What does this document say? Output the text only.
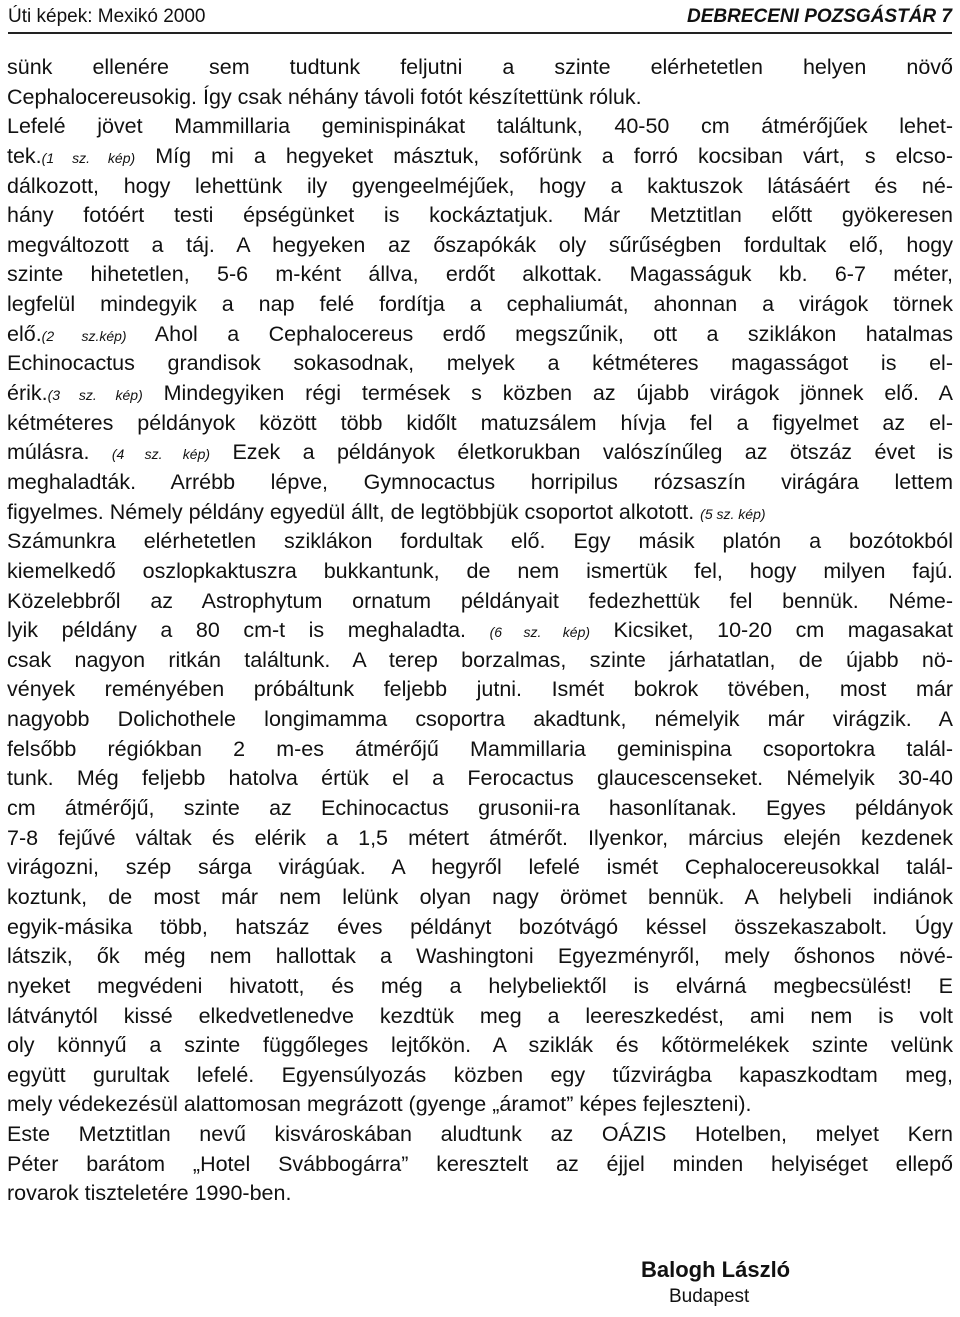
Úti képek: Mexikó 2000	DEBRECENI POZSGÁSTÁR 7
sünk ellenére sem tudtunk feljutni a szinte elérhetetlen helyen növő
Cephalocereusokig. Így csak néhány távoli fotót készítettünk róluk.
Lefelé jövet Mammillaria geminispinákat találtunk, 40-50 cm átmérőjűek lehet-
tek.(1 sz. kép) Míg mi a hegyeket másztuk, sofőrünk a forró kocsiban várt, s elcso-
dálkozott, hogy lehettünk ily gyengeelméjűek, hogy a kaktuszok látásáért és né-
hány fotóért testi épségünket is kockáztatjuk. Már Metztitlan előtt gyökeresen
megváltozott a táj. A hegyeken az őszapókák oly sűrűségben fordultak elő, hogy
szinte hihetetlen, 5-6 m-ként állva, erdőt alkottak. Magasságuk kb. 6-7 méter,
legfelül mindegyik a nap felé fordítja a cephaliumát, ahonnan a virágok törnek
elő.(2 sz.kép) Ahol a Cephalocereus erdő megszűnik, ott a sziklákon hatalmas
Echinocactus grandisok sokasodnak, melyek a kétméteres magasságot is el-
érik.(3 sz. kép) Mindegyiken régi termések s közben az újabb virágok jönnek elő. A
kétméteres példányok között több kidőlt matuzsálem hívja fel a figyelmet az el-
múlásra. (4 sz. kép) Ezek a példányok életkorukban valószínűleg az ötszáz évet is
meghaladták. Arrébb lépve, Gymnocactus horripilus rózsaszín virágára lettem
figyelmes. Némely példány egyedül állt, de legtöbbjük csoportot alkotott. (5 sz. kép)
Számunkra elérhetetlen sziklákon fordultak elő. Egy másik platón a bozótokból
kiemelkedő oszlopkaktuszra bukkantunk, de nem ismertük fel, hogy milyen fajú.
Közelebbről az Astrophytum ornatum példányait fedezhettük fel bennük. Néme-
lyik példány a 80 cm-t is meghaladta. (6 sz. kép) Kicsiket, 10-20 cm magasakat
csak nagyon ritkán találtunk. A terep borzalmas, szinte járhatatlan, de újabb nö-
vények reményében próbáltunk feljebb jutni. Ismét bokrok tövében, most már
nagyobb Dolichothele longimamma csoportra akadtunk, némelyik már virágzik. A
felsőbb régiókban 2 m-es átmérőjű Mammillaria geminispina csoportokra talál-
tunk. Még feljebb hatolva értük el a Ferocactus glaucescenseket. Némelyik 30-40
cm átmérőjű, szinte az Echinocactus grusonii-ra hasonlítanak. Egyes példányok
7-8 fejűvé váltak és elérik a 1,5 métert átmérőt. Ilyenkor, március elején kezdenek
virágozni, szép sárga virágúak. A hegyről lefelé ismét Cephalocereusokkal talál-
koztunk, de most már nem lelünk olyan nagy örömet bennük. A helybeli indiánok
egyik-másika több, hatszáz éves példányt bozótvágó késsel összekaszabolt. Úgy
látszik, ők még nem hallottak a Washingtoni Egyezményről, mely őshonos növé-
nyeket megvédeni hivatott, és még a helybeliektől is elvárná megbecsülést! E
látványtól kissé elkedvetlenedve kezdtük meg a leereszkedést, ami nem is volt
oly könnyű a szinte függőleges lejtőkön. A sziklák és kőtörmelékek szinte velünk
együtt gurultak lefelé. Egyensúlyozás közben egy tűzvirágba kapaszkodtam meg,
mely védekezésül alattomosan megrázott (gyenge „áramot” képes fejleszteni).
Este Metztitlan nevű kisvároskában aludtunk az OÁZIS Hotelben, melyet Kern
Péter barátom „Hotel Svábbogárra” keresztelt az éjjel minden helyiséget ellepő
rovarok tiszteletére 1990-ben.
Balogh László
Budapest
